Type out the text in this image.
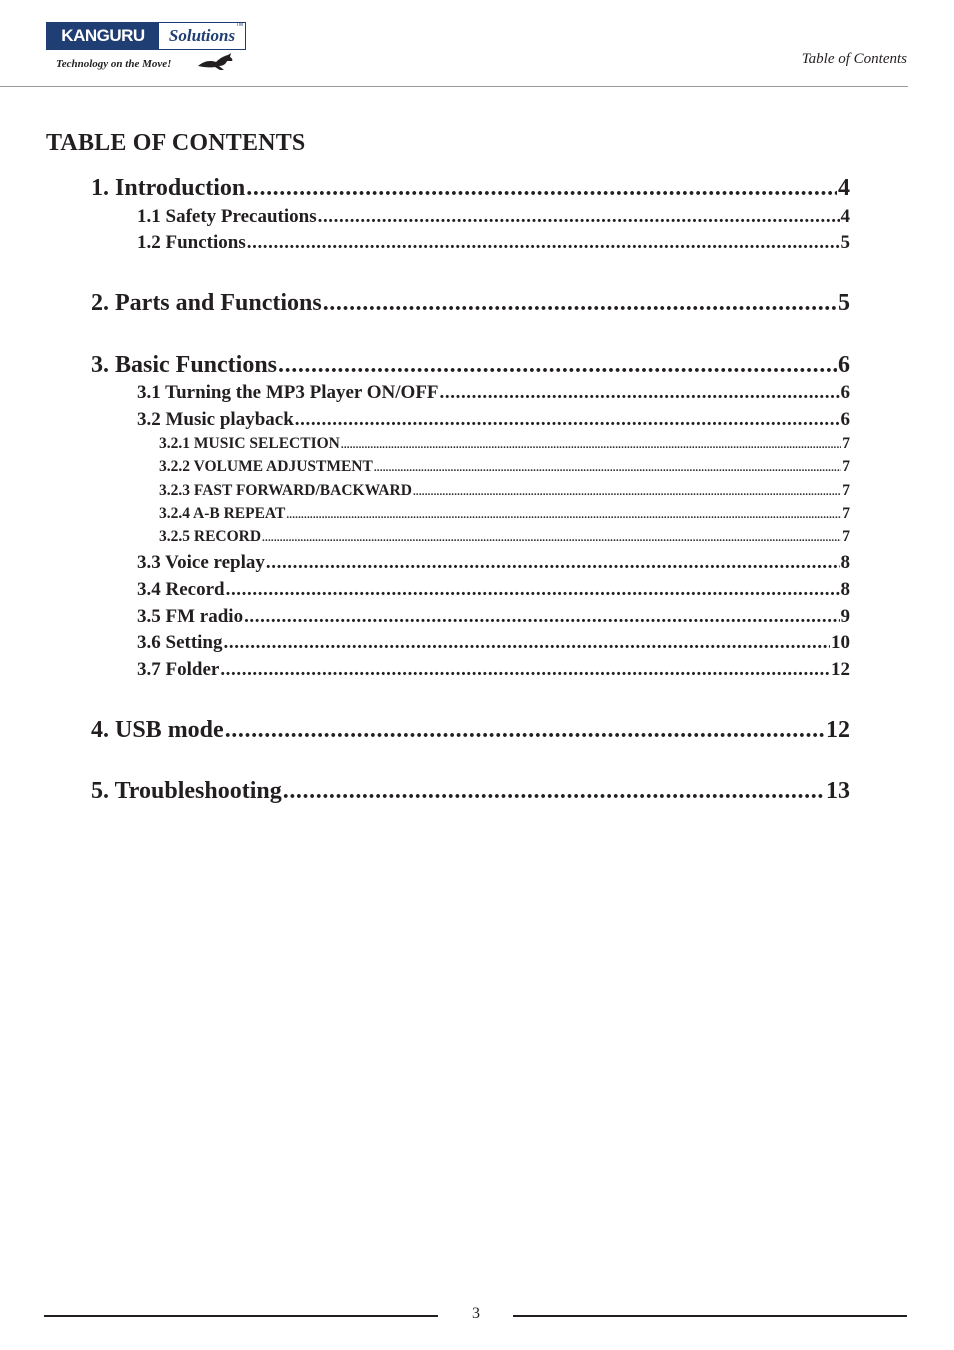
KANGURU	Solutions
TM
Technology on the Move!	Table of Contents
TABLE OF CONTENTS
1. Introduction .....	4
1.1 Safety Precautions .....	4
1.2 Functions .....	5
2. Parts and Functions .....	5
3. Basic Functions .....	6
3.1 Turning the MP3 Player ON/OFF .....	6
3.2 Music playback .....	6
3.2.1 MUSIC SELECTION .....	7
3.2.2 VOLUME ADJUSTMENT .....	7
3.2.3 FAST FORWARD/BACKWARD .....	7
3.2.4 A-B REPEAT .....	7
3.2.5 RECORD .....	7
3.3 Voice replay .....	8
3.4 Record .....	8
3.5 FM radio .....	9
3.6 Setting .....	10
3.7 Folder .....	12
4. USB mode .....	12
5. Troubleshooting .....	13
3
